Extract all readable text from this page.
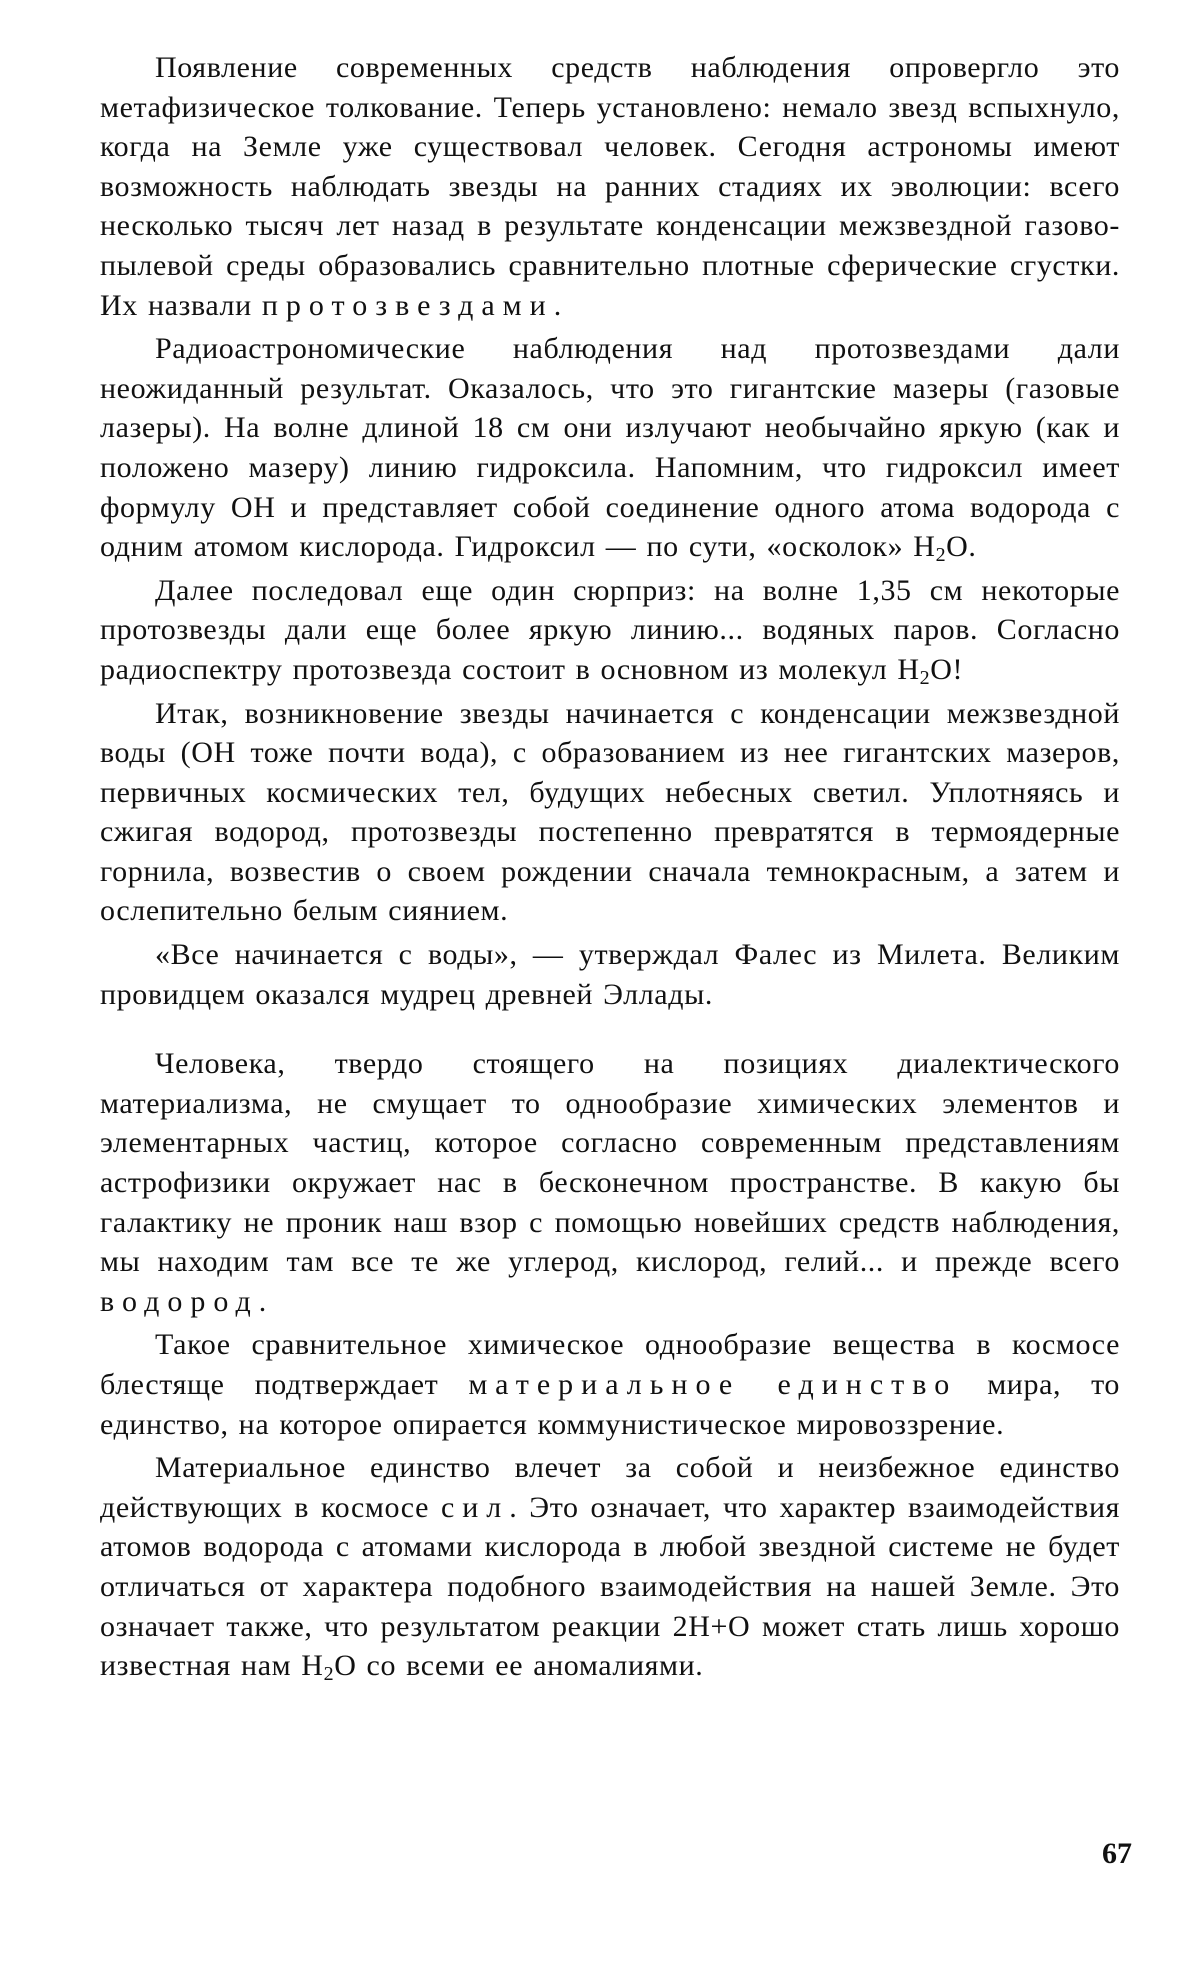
Появление современных средств наблюдения опровергло это метафизическое толкование. Теперь установлено: немало звезд вспыхнуло, когда на Земле уже существовал человек. Сегодня астрономы имеют возможность наблюдать звезды на ранних стадиях их эволюции: всего несколько тысяч лет назад в результате конденсации межзвездной газово-пылевой среды образовались сравнительно плотные сферические сгустки. Их назвали протозвездами.

Радиоастрономические наблюдения над протозвездами дали неожиданный результат. Оказалось, что это гигантские мазеры (газовые лазеры). На волне длиной 18 см они излучают необычайно яркую (как и положено мазеру) линию гидроксила. Напомним, что гидроксил имеет формулу ОН и представляет собой соединение одного атома водорода с одним атомом кислорода. Гидроксил — по сути, «осколок» $H_2O$.

Далее последовал еще один сюрприз: на волне 1,35 см некоторые протозвезды дали еще более яркую линию... водяных паров. Согласно радиоспектру протозвезда состоит в основном из молекул $H_2O$!

Итак, возникновение звезды начинается с конденсации межзвездной воды (ОН тоже почти вода), с образованием из нее гигантских мазеров, первичных космических тел, будущих небесных светил. Уплотняясь и сжигая водород, протозвезды постепенно превратятся в термоядерные горнила, возвестив о своем рождении сначала темнокрасным, а затем и ослепительно белым сиянием.

«Все начинается с воды», — утверждал Фалес из Милета. Великим провидцем оказался мудрец древней Эллады.

Человека, твердо стоящего на позициях диалектического материализма, не смущает то однообразие химических элементов и элементарных частиц, которое согласно современным представлениям астрофизики окружает нас в бесконечном пространстве. В какую бы галактику не проник наш взор с помощью новейших средств наблюдения, мы находим там все те же углерод, кислород, гелий... и прежде всего водород.

Такое сравнительное химическое однообразие вещества в космосе блестяще подтверждает материальное единство мира, то единство, на которое опирается коммунистическое мировоззрение.

Материальное единство влечет за собой и неизбежное единство действующих в космосе сил. Это означает, что характер взаимодействия атомов водорода с атомами кислорода в любой звездной системе не будет отличаться от характера подобного взаимодействия на нашей Земле. Это означает также, что результатом реакции 2H+O может стать лишь хорошо известная нам $H_2O$ со всеми ее аномалиями.

67
